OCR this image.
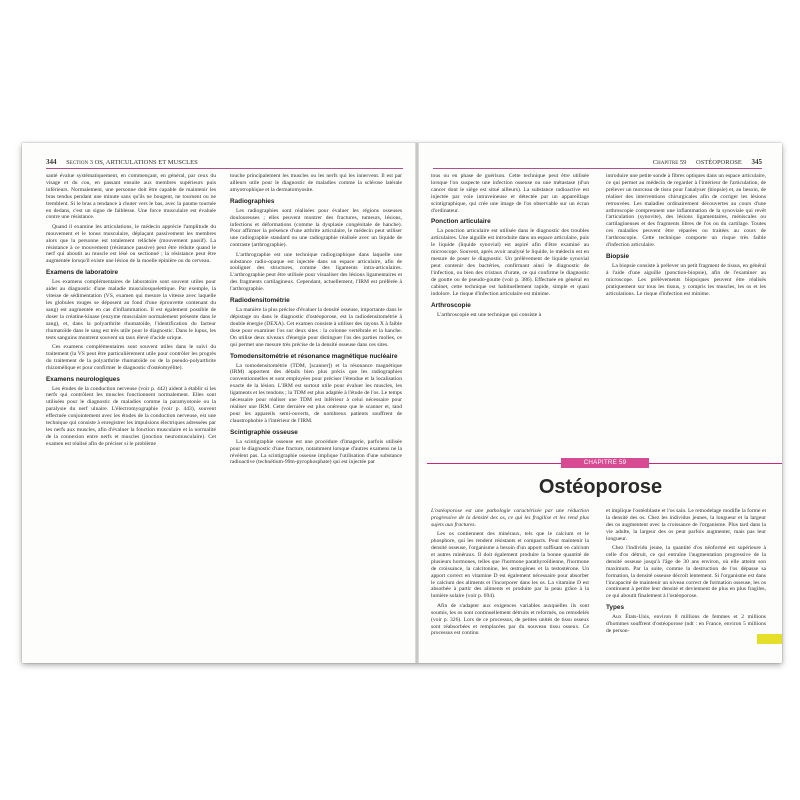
344 Section 3 OS, ARTICULATIONS ET MUSCLES

santé évalue systématiquement, en commençant, en général, par ceux du visage et du cou, en passant ensuite aux membres supérieurs puis inférieurs. Normalement, une personne doit être capable de maintenir les bras tendus pendant une minute sans qu'ils ne bougent, ne tournent ou ne tremblent. Si le bras a tendance à chuter vers le bas, avec la paume tournée en dedans, c'est un signe de faiblesse. Une force musculaire est évaluée contre une résistance.

Quand il examine les articulations, le médecin apprécie l'amplitude du mouvement et le tonus musculaire, déplaçant passivement les membres alors que la personne est totalement relâchée (mouvement passif). La résistance à ce mouvement (résistance passive) peut être réduite quand le nerf qui aboutit au muscle est lésé ou sectionné ; la résistance peut être augmentée lorsqu'il existe une lésion de la moelle épinière ou du cerveau.

Examens de laboratoire

Les examens complémentaires de laboratoire sont souvent utiles pour aider au diagnostic d'une maladie musculosquelettique. Par exemple, la vitesse de sédimentation (VS, examen qui mesure la vitesse avec laquelle les globules rouges se déposent au fond d'une éprouvette contenant du sang) est augmentée en cas d'inflammation. Il est également possible de doser la créatine-kinase (enzyme musculaire normalement présente dans le sang), et, dans la polyarthrite rhumatoïde, l'identification du facteur rhumatoïde dans le sang est très utile pour le diagnostic. Dans le lupus, les tests sanguins montrent souvent un taux élevé d'acide urique.

Ces examens complémentaires sont souvent utiles dans le suivi du traitement (la VS peut être particulièrement utile pour contrôler les progrès du traitement de la polyarthrite rhumatoïde ou de la pseudo-polyarthrite rhizomélique et pour confirmer le diagnostic d'ostéomyélite).

Examens neurologiques

Les études de la conduction nerveuse (voir p. 442) aident à établir si les nerfs qui contrôlent les muscles fonctionnent normalement. Elles sont utilisées pour le diagnostic de maladies comme la paramyotonie ou la paralysie du nerf ulnaire. L'électromyographie (voir p. 443), souvent effectuée conjointement avec les études de la conduction nerveuse, est une technique qui consiste à enregistrer les impulsions électriques adressées par les nerfs aux muscles, afin d'évaluer la fonction musculaire et la normalité de la connexion entre nerfs et muscles (jonction neuromusculaire). Cet examen est réalisé afin de préciser si le problème

touche principalement les muscles ou les nerfs qui les innervent. Il est par ailleurs utile pour le diagnostic de maladies comme la sclérose latérale amyotrophique et la dermatomyosite.

Radiographies

Les radiographies sont réalisées pour évaluer les régions osseuses douloureuses ; elles peuvent montrer des fractures, tumeurs, lésions, infections et déformations (comme la dysplasie congénitale de hanche). Pour affirmer la présence d'une arthrite articulaire, le médecin peut utiliser une radiographie standard ou une radiographie réalisée avec un liquide de contraste (arthrographie).

L'arthrographie est une technique radiographique dans laquelle une substance radio-opaque est injectée dans un espace articulaire, afin de souligner des structures, comme des ligaments intra-articulaires. L'arthrographie peut être utilisée pour visualiser des lésions ligamentaires et des fragments cartilagineux. Cependant, actuellement, l'IRM est préférée à l'arthrographie.

Radiodensitométrie

La manière la plus précise d'évaluer la densité osseuse, importante dans le dépistage ou dans le diagnostic d'ostéoporose, est la radiodensitométrie à double énergie (DEXA). Cet examen consiste à utiliser des rayons X à faible dose pour examiner l'os sur deux sites : la colonne vertébrale et la hanche. On utilise deux niveaux d'énergie pour distinguer l'os des parties molles, ce qui permet une mesure très précise de la densité osseuse dans ces sites.

Tomodensitométrie et résonance magnétique nucléaire

La tomodensitométrie (TDM, [scanner]) et la résonance magnétique (IRM) apportent des détails bien plus précis que les radiographies conventionnelles et sont employées pour préciser l'étendue et la localisation exacte de la lésion. L'IRM est surtout utile pour évaluer les muscles, les ligaments et les tendons ; la TDM est plus adaptée à l'étude de l'os. Le temps nécessaire pour réaliser une TDM est inférieur à celui nécessaire pour réaliser une IRM. Cette dernière est plus onéreuse que le scanner et, tand pour les appareils semi-ouverts, de nombreux patients souffrent de claustrophobie à l'intérieur de l'IRM.

Scintigraphie osseuse

La scintigraphie osseuse est une procédure d'imagerie, parfois utilisée pour le diagnostic d'une fracture, notamment lorsque d'autres examens ne la révèlent pas. La scintigraphie osseuse implique l'utilisation d'une substance radioactive (technétium-99m-pyrophosphate) qui est injectée par

Chapitre 59 OSTÉOPOROSE 345

tous ou en phase de guérison. Cette technique peut être utilisée lorsque l'on suspecte une infection osseuse ou une métastase (d'un cancer dont le siège est situé ailleurs). La substance radioactive est injectée par voie intraveineuse et détectée par un appareillage scintigraphique, qui crée une image de l'os observable sur un écran d'ordinateur.

Ponction articulaire

La ponction articulaire est utilisée dans le diagnostic des troubles articulaires. Une aiguille est introduite dans un espace articulaire, puis le liquide (liquide synovial) est aspiré afin d'être examiné au microscope. Souvent, après avoir analysé le liquide, le médecin est en mesure de poser le diagnostic. Un prélèvement de liquide synovial peut contenir des bactéries, confirmant ainsi le diagnostic de l'infection, ou bien des cristaux d'urate, ce qui confirme le diagnostic de goutte ou de pseudo-goutte (voir p. 386). Effectuée en général en cabinet, cette technique est habituellement rapide, simple et quasi indolore. Le risque d'infection articulaire est minime.

Arthroscopie

L'arthroscopie est une technique qui consiste à

introduire une petite sonde à fibres optiques dans un espace articulaire, ce qui permet au médecin de regarder à l'intérieur de l'articulation, de prélever un morceau de tissu pour l'analyser (biopsie) et, au besoin, de réaliser des interventions chirurgicales afin de corriger les lésions retrouvées. Les maladies ordinairement découvertes au cours d'une arthroscopie comprennent une inflammation de la synoviale qui revêt l'articulation (synovite), des lésions ligamentaires, méniscales ou cartilagineuses et des fragments libres de l'os ou du cartilage. Toutes ces maladies peuvent être réparées ou traitées au cours de l'arthroscopie. Cette technique comporte un risque très faible d'infection articulaire.

Biopsie

La biopsie consiste à prélever un petit fragment de tissus, en général à l'aide d'une aiguille (ponction-biopsie), afin de l'examiner au microscope. Les prélèvements biopsiques peuvent être réalisés pratiquement sur tous les tissus, y compris les muscles, les os et les articulations. Le risque d'infection est minime.

CHAPITRE 59
Ostéoporose

L'ostéoporose est une pathologie caractérisée par une réduction progressive de la densité des os, ce qui les fragilise et les rend plus sujets aux fractures.

Les os contiennent des minéraux, tels que le calcium et le phosphore, qui les rendent résistants et compacts. Pour maintenir la densité osseuse, l'organisme a besoin d'un apport suffisant en calcium et autres minéraux. Il doit également produire la bonne quantité de plusieurs hormones, telles que l'hormone parathyroïdienne, l'hormone de croissance, la calcitonine, les œstrogènes et la testostérone. Un apport correct en vitamine D est également nécessaire pour absorber le calcium des aliments et l'incorporer dans les os. La vitamine D est absorbée à partir des aliments et produite par la peau grâce à la lumière solaire (voir p. 694).

Afin de s'adapter aux exigences variables auxquelles ils sont soumis, les os sont continuellement détruits et reformés, ou remodelés (voir p. 326). Lors de ce processus, de petites unités de tissu osseux sont réabsorbées et remplacées par du nouveau tissu osseux. Ce processus est continu

et implique l'ostéoblaste et l'os sain. Le remodelage modifie la forme et la densité des os. Chez les individus jeunes, la longueur et la largeur des os augmentent avec la croissance de l'organisme. Plus tard dans la vie adulte, la largeur des os peut parfois augmenter, mais pas leur longueur.

Chez l'individu jeune, la quantité d'os néoformé est supérieure à celle d'os détruit, ce qui entraîne l'augmentation progressive de la densité osseuse jusqu'à l'âge de 30 ans environ, où elle atteint son maximum. Par la suite, comme la destruction de l'os dépasse sa formation, la densité osseuse décroît lentement. Si l'organisme est dans l'incapacité de maintenir un niveau correct de formation osseuse, les os continuent à perdre leur densité et deviennent de plus en plus fragiles, ce qui aboutit finalement à l'ostéoporose.

Types

Aux États-Unis, environ 8 millions de femmes et 2 millions d'hommes souffrent d'ostéoporose (ndt : en France, environ 5 millions de person-
